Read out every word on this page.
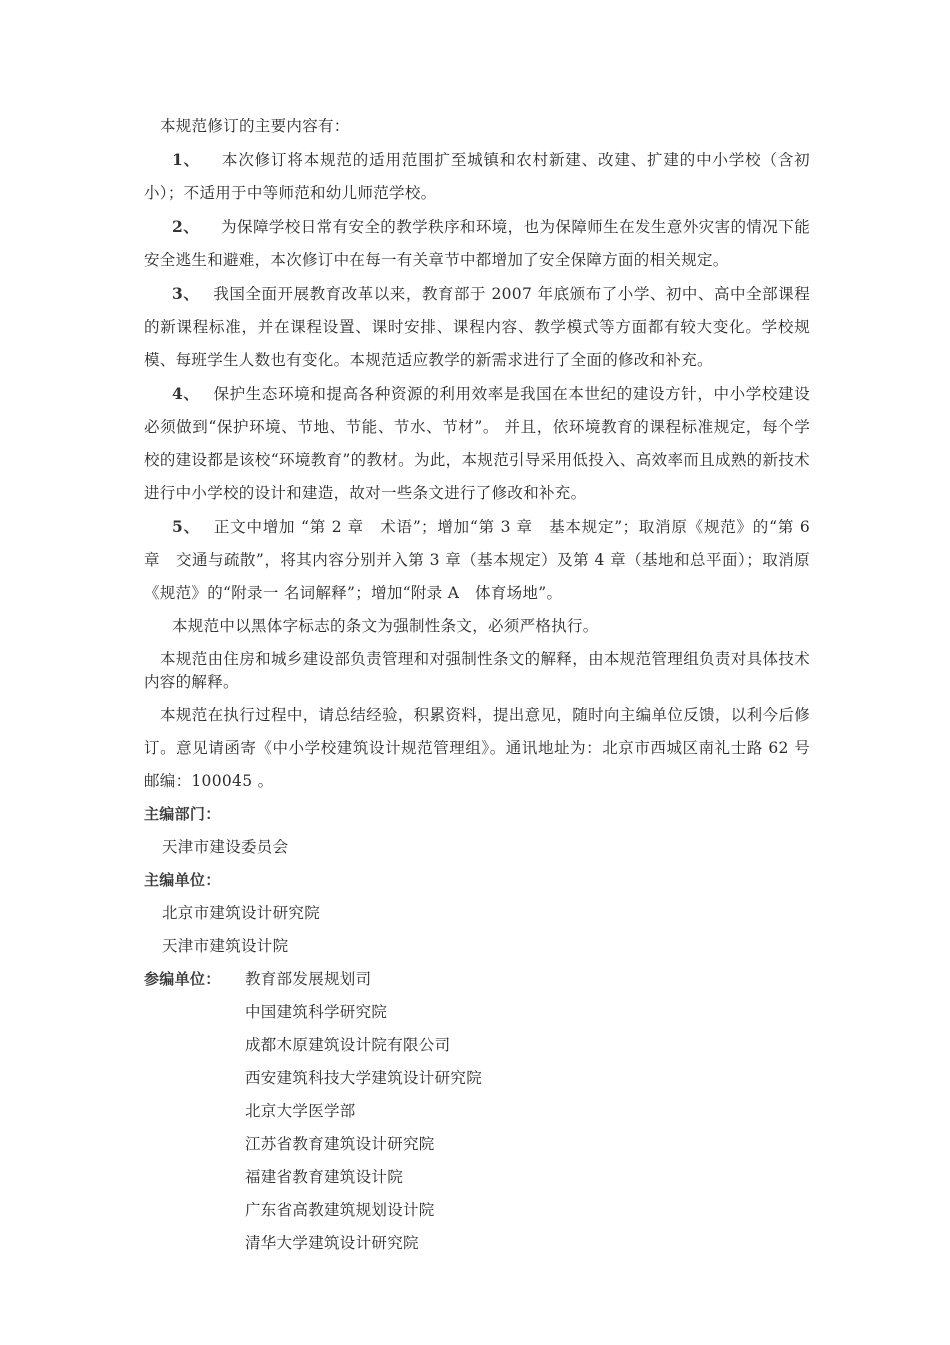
本规范修订的主要内容有：

1、 本次修订将本规范的适用范围扩至城镇和农村新建、改建、扩建的中小学校（含初小）；不适用于中等师范和幼儿师范学校。

2、 为保障学校日常有安全的教学秩序和环境，也为保障师生在发生意外灾害的情况下能安全逃生和避难，本次修订中在每一有关章节中都增加了安全保障方面的相关规定。

3、 我国全面开展教育改革以来，教育部于 2007 年底颁布了小学、初中、高中全部课程的新课程标准，并在课程设置、课时安排、课程内容、教学模式等方面都有较大变化。学校规模、每班学生人数也有变化。本规范适应教学的新需求进行了全面的修改和补充。

4、 保护生态环境和提高各种资源的利用效率是我国在本世纪的建设方针，中小学校建设必须做到“保护环境、节地、节能、节水、节材”。 并且，依环境教育的课程标准规定，每个学校的建设都是该校“环境教育”的教材。为此，本规范引导采用低投入、高效率而且成熟的新技术进行中小学校的设计和建造，故对一些条文进行了修改和补充。

5、 正文中增加 “第 2 章　术语”；增加“第 3 章　基本规定”；取消原《规范》的“第 6 章　交通与疏散”，将其内容分别并入第 3 章（基本规定）及第 4 章（基地和总平面）；取消原《规范》的“附录一 名词解释”；增加“附录 A　体育场地”。

本规范中以黑体字标志的条文为强制性条文，必须严格执行。

本规范由住房和城乡建设部负责管理和对强制性条文的解释，由本规范管理组负责对具体技术内容的解释。

本规范在执行过程中，请总结经验，积累资料，提出意见，随时向主编单位反馈，以利今后修订。意见请函寄《中小学校建筑设计规范管理组》。通讯地址为：北京市西城区南礼士路 62 号　邮编：100045 。

主编部门：

天津市建设委员会

主编单位：

北京市建筑设计研究院

天津市建筑设计院

参编单位：	教育部发展规划司
中国建筑科学研究院
成都木原建筑设计院有限公司
西安建筑科技大学建筑设计研究院
北京大学医学部
江苏省教育建筑设计研究院
福建省教育建筑设计院
广东省高教建筑规划设计院
清华大学建筑设计研究院
